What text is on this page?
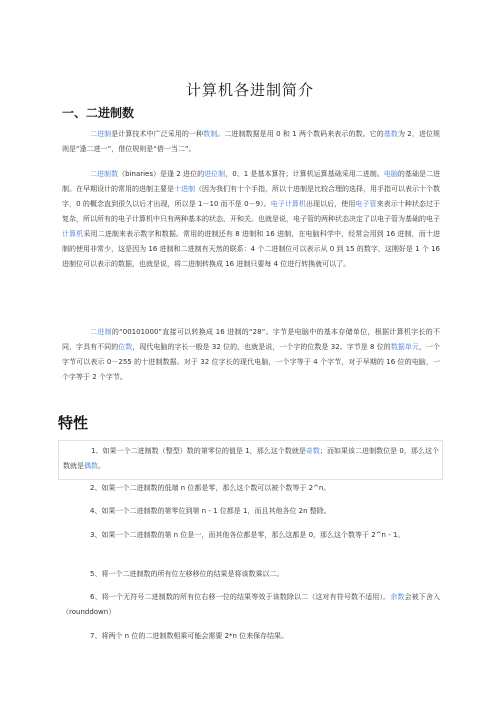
计算机各进制简介
一、二进制数

二进制是计算技术中广泛采用的一种数制。二进制数据是用 0 和 1 两个数码来表示的数。它的基数为 2，进位规则是“逢二进一”，借位规则是“借一当二”。

二进制数（binaries）是逢 2 进位的进位制，0、1 是基本算符；计算机运算基础采用二进制。电脑的基础是二进制。在早期设计的常用的进制主要是十进制（因为我们有十个手指，所以十进制是比较合理的选择，用手指可以表示十个数字，0 的概念直到很久以后才出现，所以是 1－10 而不是 0－9）。电子计算机出现以后，使用电子管来表示十种状态过于复杂，所以所有的电子计算机中只有两种基本的状态，开和关。也就是说，电子管的两种状态决定了以电子管为基础的电子计算机采用二进制来表示数字和数据。常用的进制还有 8 进制和 16 进制，在电脑科学中，经常会用到 16 进制，而十进制的使用非常少，这是因为 16 进制和二进制有天然的联系：4 个二进制位可以表示从 0 到 15 的数字，这刚好是 1 个 16 进制位可以表示的数据，也就是说，将二进制转换成 16 进制只要每 4 位进行转换就可以了。

二进制的“00101000”直接可以转换成 16 进制的“28”。字节是电脑中的基本存储单位，根据计算机字长的不同，字具有不同的位数，现代电脑的字长一般是 32 位的，也就是说，一个字的位数是 32。字节是 8 位的数据单元，一个字节可以表示 0－255 的十进制数据。对于 32 位字长的现代电脑，一个字等于 4 个字节，对于早期的 16 位的电脑，一个字等于 2 个字节。

特性

1、如果一个二进制数（整型）数的第零位的值是 1，那么这个数就是奇数；而如果该二进制数位是 0，那么这个数就是偶数。

2、如果一个二进制数的低端 n 位都是零，那么这个数可以被个数等于 2^n。

4、如果一个二进制数的第零位到第 n - 1 位都是 1，而且其他各位 2n 整除。

3、如果一个二进制数的第 n 位是一，而其他各位都是零，那么这都是 0，那么这个数等于 2^n - 1。

5、将一个二进制数的所有位左移移位的结果是将该数乘以二。

6、将一个无符号二进制数的所有位右移一位的结果等效于该数除以二（这对有符号数不适用）。余数会被下舍入（rounddown）

7、将两个 n 位的二进制数相乘可能会需要 2*n 位来保存结果。
